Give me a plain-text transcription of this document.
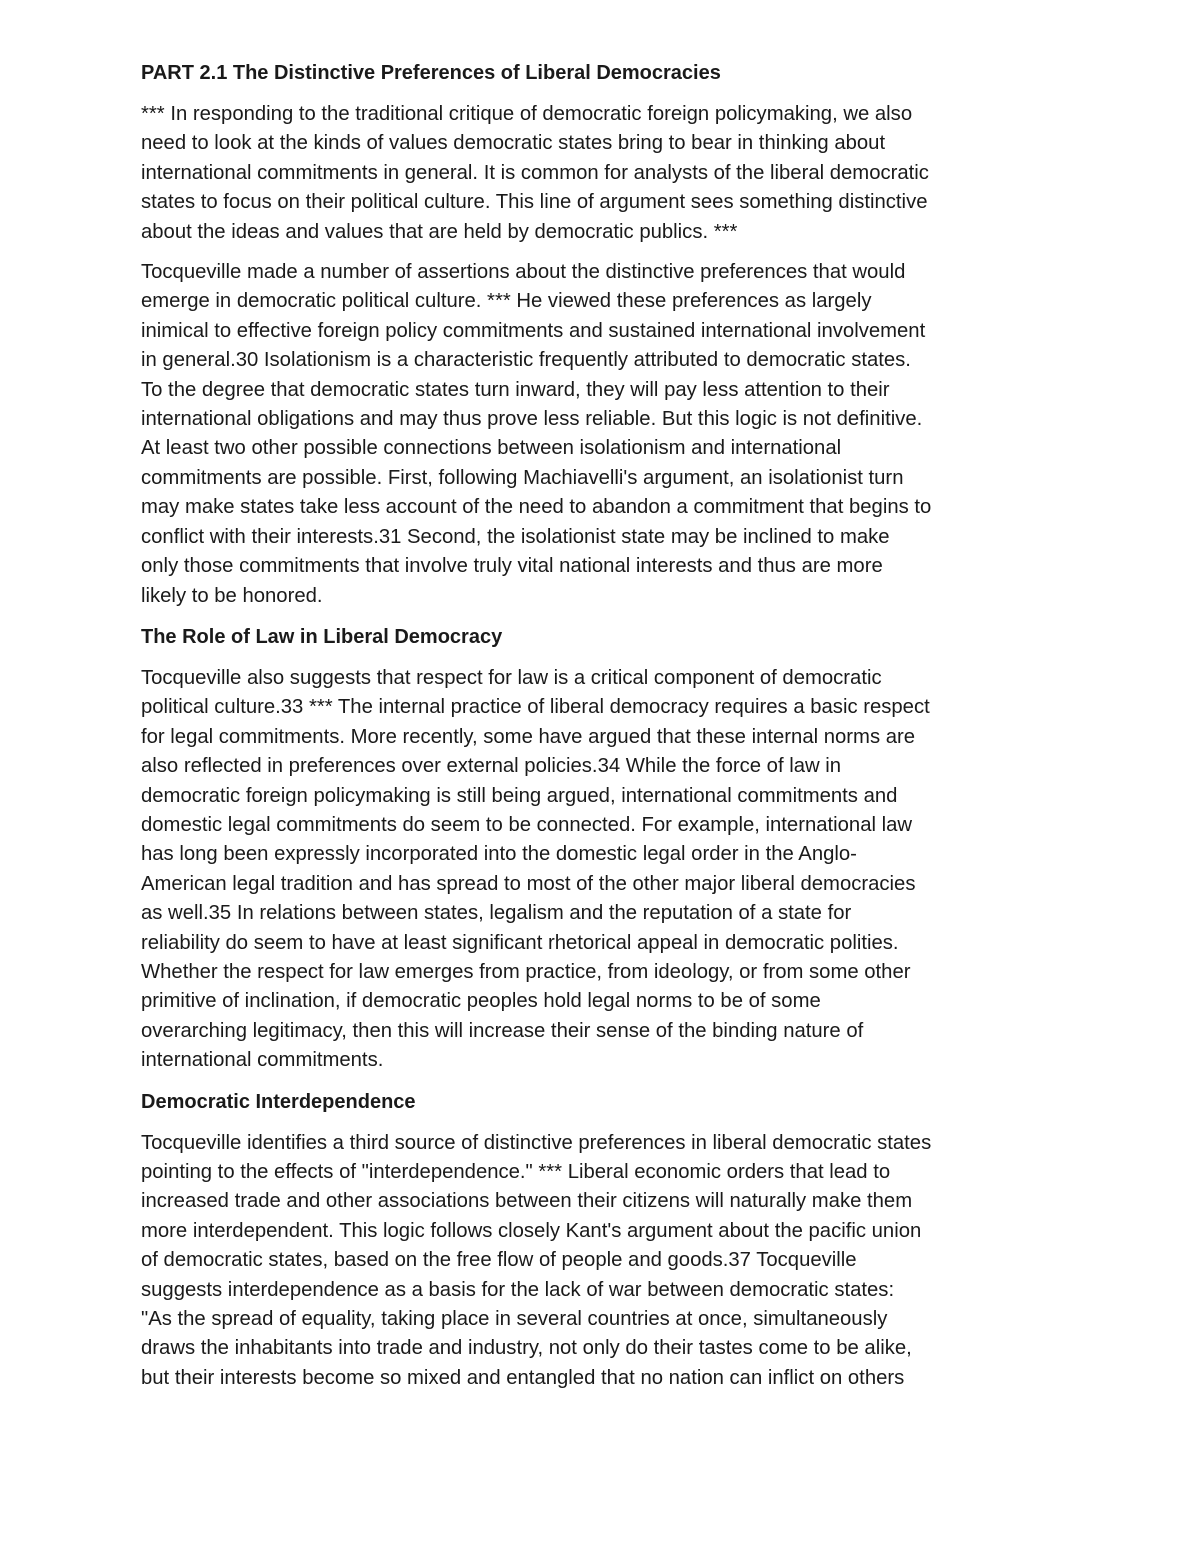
PART 2.1 The Distinctive Preferences of Liberal Democracies
*** In responding to the traditional critique of democratic foreign policymaking, we also
need to look at the kinds of values democratic states bring to bear in thinking about
international commitments in general. It is common for analysts of the liberal democratic
states to focus on their political culture. This line of argument sees something distinctive
about the ideas and values that are held by democratic publics. ***
Tocqueville made a number of assertions about the distinctive preferences that would
emerge in democratic political culture. *** He viewed these preferences as largely
inimical to effective foreign policy commitments and sustained international involvement
in general.30 Isolationism is a characteristic frequently attributed to democratic states.
To the degree that democratic states turn inward, they will pay less attention to their
international obligations and may thus prove less reliable. But this logic is not definitive.
At least two other possible connections between isolationism and international
commitments are possible. First, following Machiavelli's argument, an isolationist turn
may make states take less account of the need to abandon a commitment that begins to
conflict with their interests.31 Second, the isolationist state may be inclined to make
only those commitments that involve truly vital national interests and thus are more
likely to be honored.
The Role of Law in Liberal Democracy
Tocqueville also suggests that respect for law is a critical component of democratic
political culture.33 *** The internal practice of liberal democracy requires a basic respect
for legal commitments. More recently, some have argued that these internal norms are
also reflected in preferences over external policies.34 While the force of law in
democratic foreign policymaking is still being argued, international commitments and
domestic legal commitments do seem to be connected. For example, international law
has long been expressly incorporated into the domestic legal order in the Anglo-
American legal tradition and has spread to most of the other major liberal democracies
as well.35 In relations between states, legalism and the reputation of a state for
reliability do seem to have at least significant rhetorical appeal in democratic polities.
Whether the respect for law emerges from practice, from ideology, or from some other
primitive of inclination, if democratic peoples hold legal norms to be of some
overarching legitimacy, then this will increase their sense of the binding nature of
international commitments.
Democratic Interdependence
Tocqueville identifies a third source of distinctive preferences in liberal democratic states
pointing to the effects of "interdependence." *** Liberal economic orders that lead to
increased trade and other associations between their citizens will naturally make them
more interdependent. This logic follows closely Kant's argument about the pacific union
of democratic states, based on the free flow of people and goods.37 Tocqueville
suggests interdependence as a basis for the lack of war between democratic states:
"As the spread of equality, taking place in several countries at once, simultaneously
draws the inhabitants into trade and industry, not only do their tastes come to be alike,
but their interests become so mixed and entangled that no nation can inflict on others
